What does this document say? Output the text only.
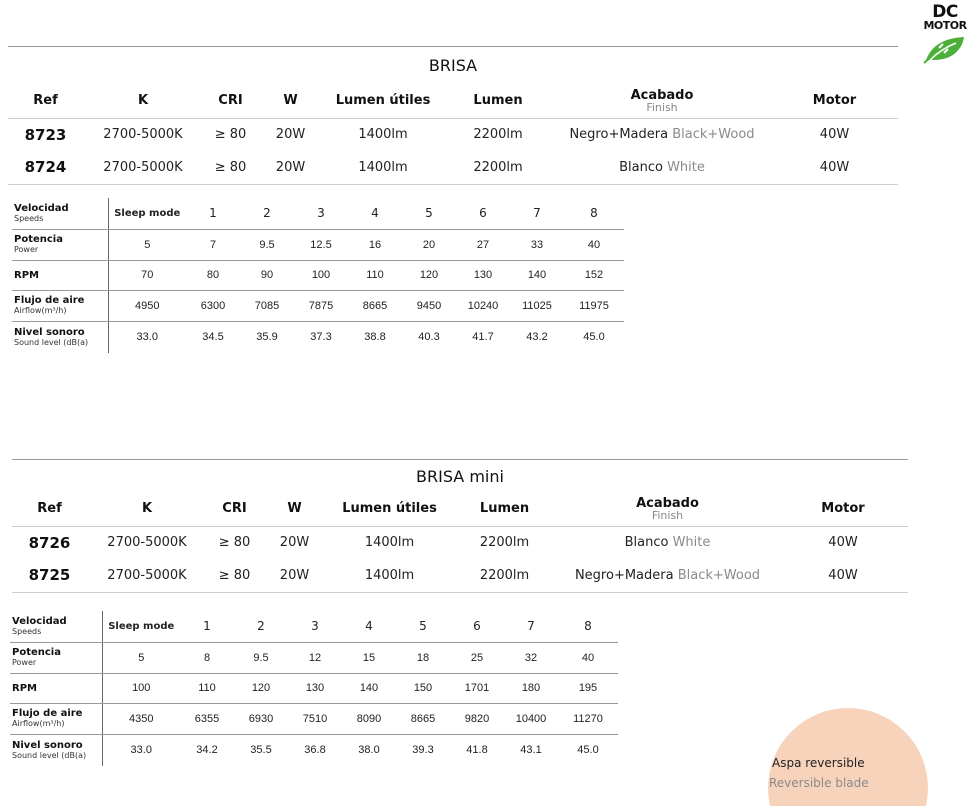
DC
MOTOR
BRISA
Ref	K	CRI	W	Lumen útiles	Lumen	Acabado
Finish	Motor
8723	2700-5000K	≥ 80	20W	1400lm	2200lm	Negro+Madera Black+Wood	40W
8724	2700-5000K	≥ 80	20W	1400lm	2200lm	Blanco White	40W
Velocidad
Speeds	Sleep mode	1	2	3	4	5	6	7	8

Potencia
Power	5	7	9.5	12.5	16	20	27	33	40

RPM	70	80	90	100	110	120	130	140	152

Flujo de aire
Airflow(m³/h)	4950	6300	7085	7875	8665	9450	10240	11025	11975

Nivel sonoro
Sound level (dB(a)	33.0	34.5	35.9	37.3	38.8	40.3	41.7	43.2	45.0
BRISA mini
Ref	K	CRI	W	Lumen útiles	Lumen	Acabado
Finish	Motor
8726	2700-5000K	≥ 80	20W	1400lm	2200lm	Blanco White	40W
8725	2700-5000K	≥ 80	20W	1400lm	2200lm	Negro+Madera Black+Wood	40W
Velocidad
Speeds	Sleep mode	1	2	3	4	5	6	7	8

Potencia
Power	5	8	9.5	12	15	18	25	32	40

RPM	100	110	120	130	140	150	1701	180	195

Flujo de aire
Airflow(m³/h)	4350	6355	6930	7510	8090	8665	9820	10400	11270

Nivel sonoro
Sound level (dB(a)	33.0	34.2	35.5	36.8	38.0	39.3	41.8	43.1	45.0
Aspa reversible
Reversible blade
